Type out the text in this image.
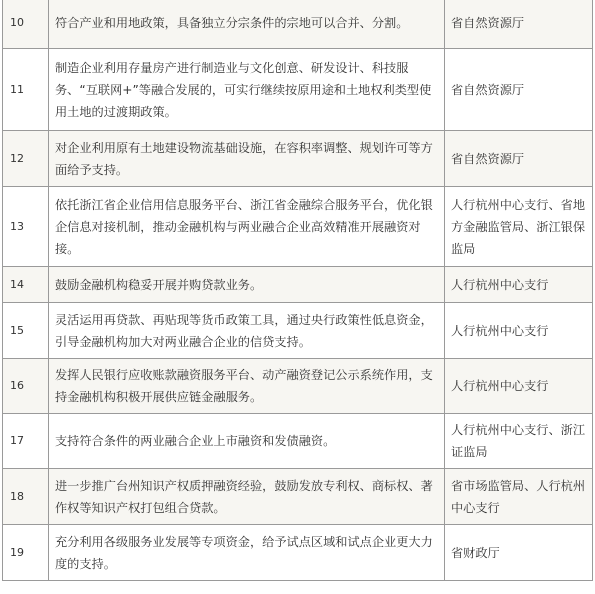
10	符合产业和用地政策，具备独立分宗条件的宗地可以合并、分割。	省自然资源厅
11	制造企业利用存量房产进行制造业与文化创意、研发设计、科技服务、“互联网+”等融合发展的，可实行继续按原用途和土地权利类型使用土地的过渡期政策。	省自然资源厅
12	对企业利用原有土地建设物流基础设施，在容积率调整、规划许可等方面给予支持。	省自然资源厅
13	依托浙江省企业信用信息服务平台、浙江省金融综合服务平台，优化银企信息对接机制，推动金融机构与两业融合企业高效精准开展融资对接。	人行杭州中心支行、省地方金融监管局、浙江银保监局
14	鼓励金融机构稳妥开展并购贷款业务。	人行杭州中心支行
15	灵活运用再贷款、再贴现等货币政策工具，通过央行政策性低息资金，引导金融机构加大对两业融合企业的信贷支持。	人行杭州中心支行
16	发挥人民银行应收账款融资服务平台、动产融资登记公示系统作用，支持金融机构积极开展供应链金融服务。	人行杭州中心支行
17	支持符合条件的两业融合企业上市融资和发债融资。	人行杭州中心支行、浙江证监局
18	进一步推广台州知识产权质押融资经验，鼓励发放专利权、商标权、著作权等知识产权打包组合贷款。	省市场监管局、人行杭州中心支行
19	充分利用各级服务业发展等专项资金，给予试点区域和试点企业更大力度的支持。	省财政厅
